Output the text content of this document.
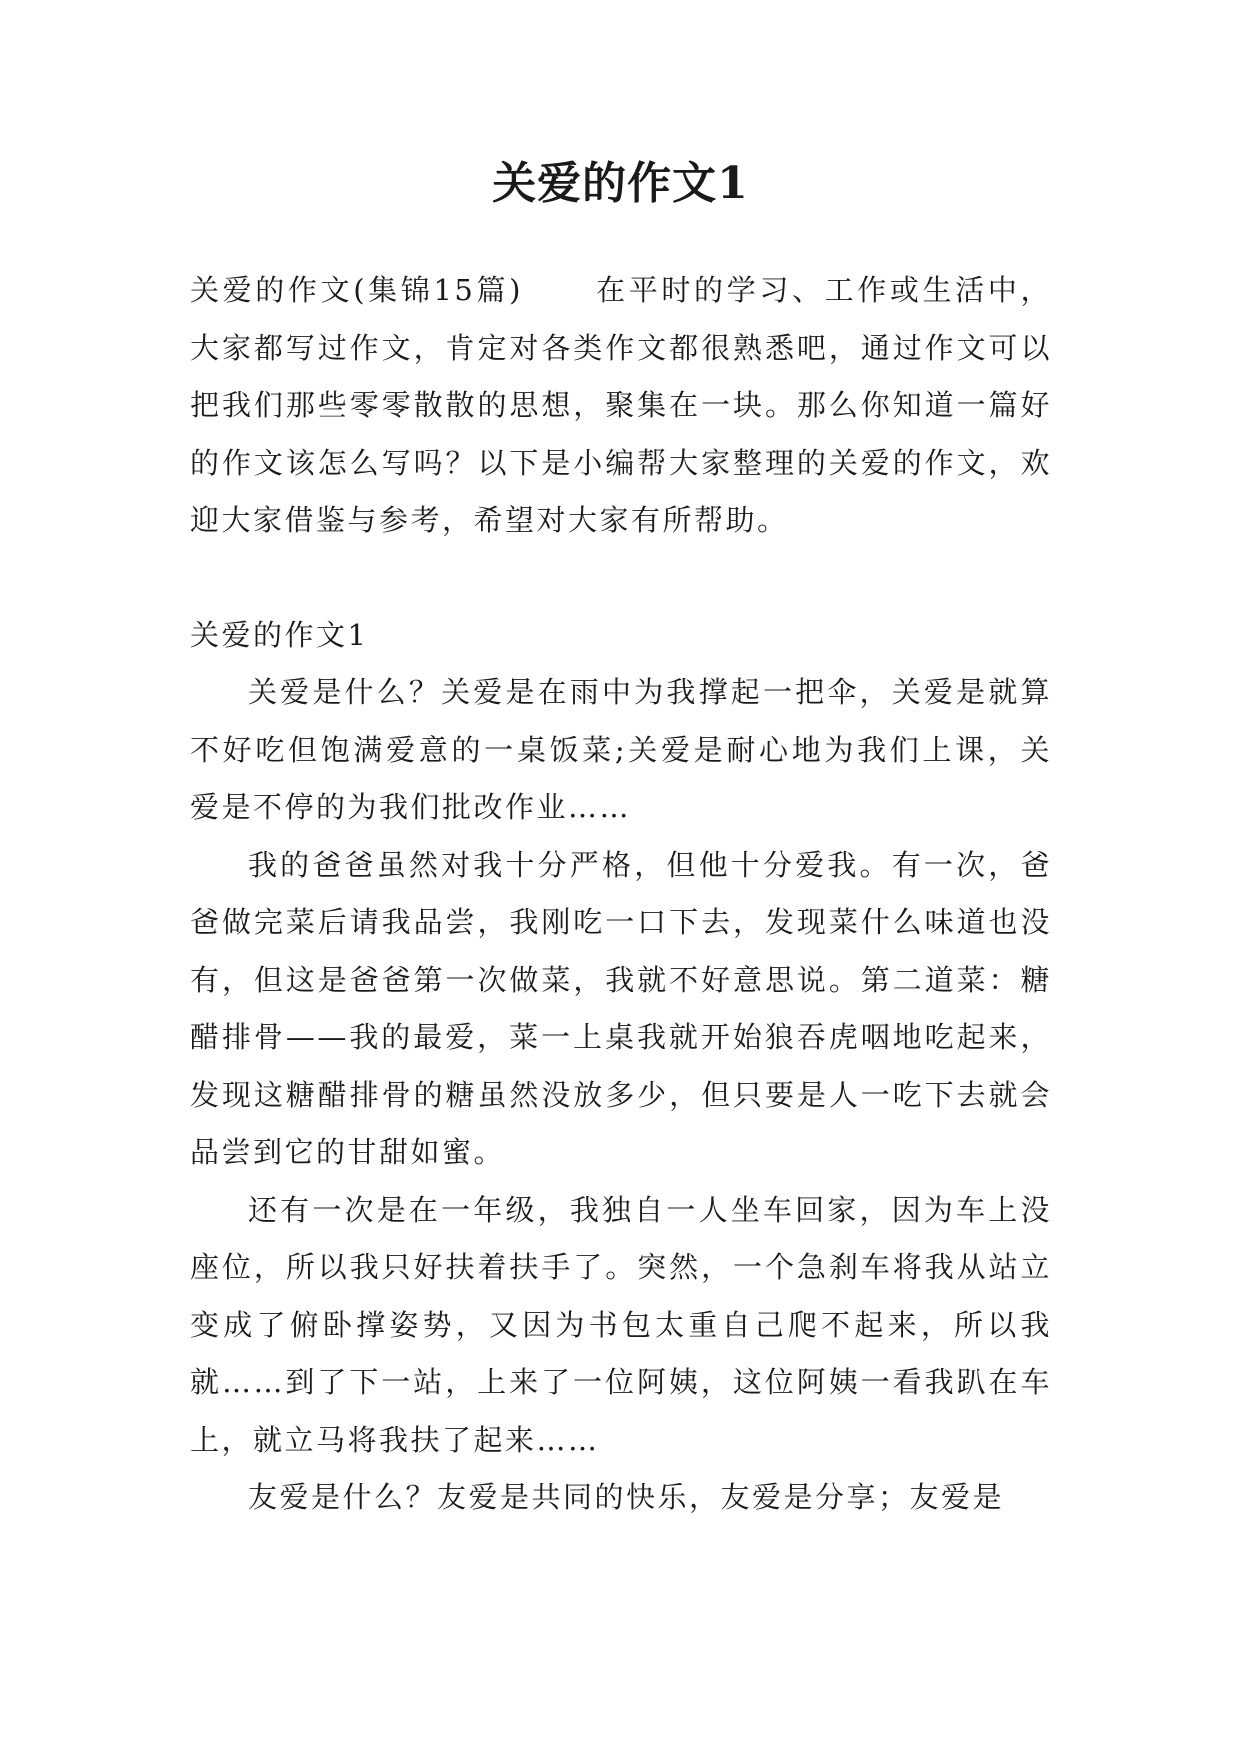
关爱的作文1

关爱的作文(集锦15篇) 在平时的学习、工作或生活中，大家都写过作文，肯定对各类作文都很熟悉吧，通过作文可以把我们那些零零散散的思想，聚集在一块。那么你知道一篇好的作文该怎么写吗？以下是小编帮大家整理的关爱的作文，欢迎大家借鉴与参考，希望对大家有所帮助。

关爱的作文1

关爱是什么？关爱是在雨中为我撑起一把伞，关爱是就算不好吃但饱满爱意的一桌饭菜;关爱是耐心地为我们上课，关爱是不停的为我们批改作业……

我的爸爸虽然对我十分严格，但他十分爱我。有一次，爸爸做完菜后请我品尝，我刚吃一口下去，发现菜什么味道也没有，但这是爸爸第一次做菜，我就不好意思说。第二道菜：糖醋排骨——我的最爱，菜一上桌我就开始狼吞虎咽地吃起来，发现这糖醋排骨的糖虽然没放多少，但只要是人一吃下去就会品尝到它的甘甜如蜜。

还有一次是在一年级，我独自一人坐车回家，因为车上没座位，所以我只好扶着扶手了。突然，一个急刹车将我从站立变成了俯卧撑姿势，又因为书包太重自己爬不起来，所以我就……到了下一站，上来了一位阿姨，这位阿姨一看我趴在车上，就立马将我扶了起来……

友爱是什么？友爱是共同的快乐，友爱是分享；友爱是
